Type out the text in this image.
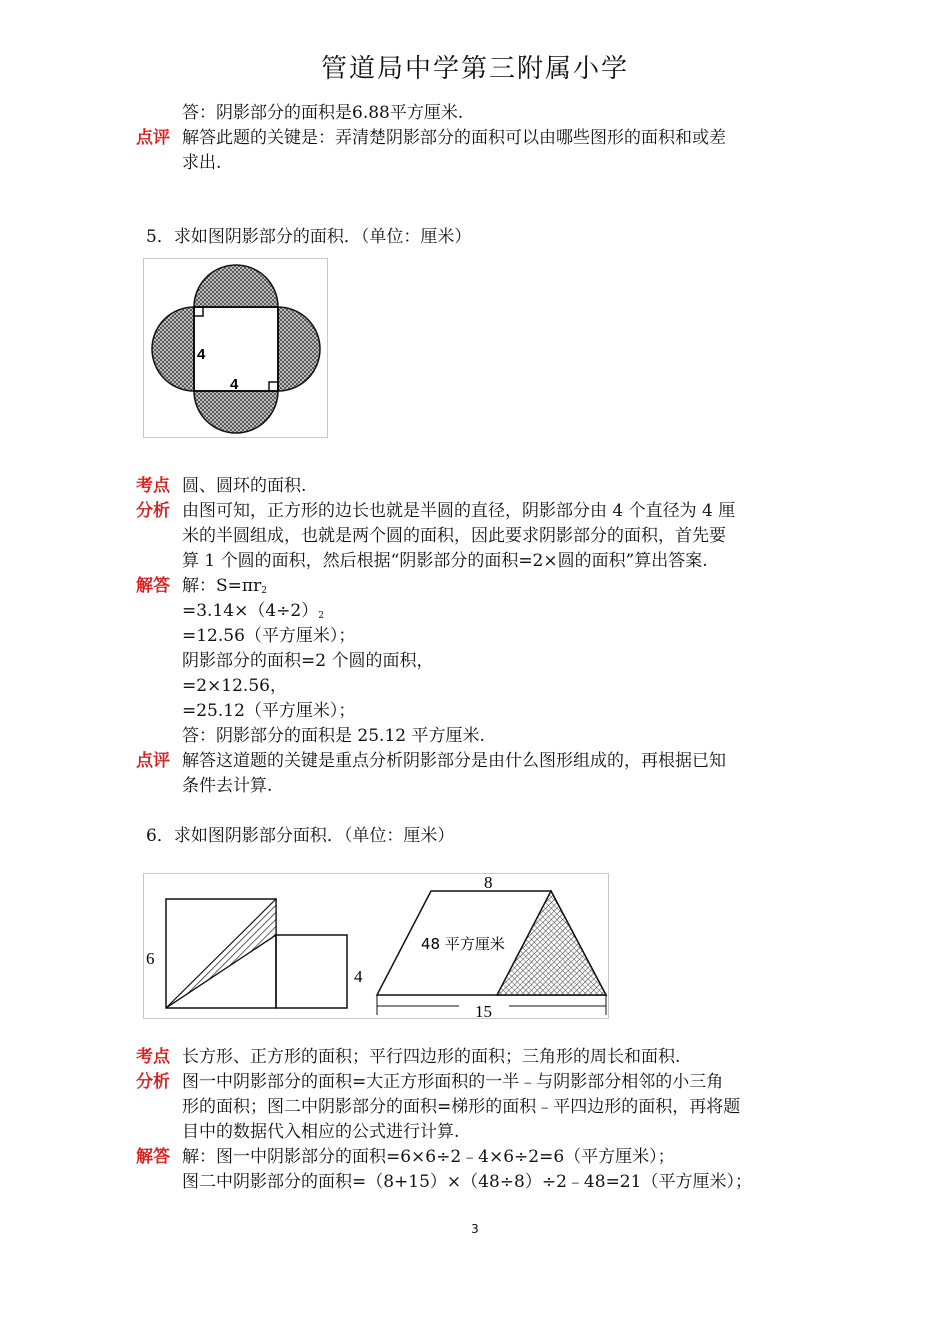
管道局中学第三附属小学
答：阴影部分的面积是6.88平方厘米.
点评 解答此题的关键是：弄清楚阴影部分的面积可以由哪些图形的面积和或差
求出.
5．求如图阴影部分的面积．（单位：厘米）
4
4
考点 圆、圆环的面积.
分析 由图可知，正方形的边长也就是半圆的直径，阴影部分由 4 个直径为 4 厘
米的半圆组成，也就是两个圆的面积，因此要求阴影部分的面积，首先要
算 1 个圆的面积，然后根据“阴影部分的面积=2×圆的面积”算出答案.
解答 解：$S=\pi r_2$
$=3.14\times(4\div 2)_2$
=12.56（平方厘米）；
阴影部分的面积=2 个圆的面积，
=2×12.56，
=25.12（平方厘米）；
答：阴影部分的面积是 25.12 平方厘米.
点评 解答这道题的关键是重点分析阴影部分是由什么图形组成的，再根据已知
条件去计算.
6．求如图阴影部分面积．（单位：厘米）
6
4
8
48 平方厘米
15
考点 长方形、正方形的面积；平行四边形的面积；三角形的周长和面积.
分析 图一中阴影部分的面积=大正方形面积的一半﹣与阴影部分相邻的小三角
形的面积；图二中阴影部分的面积=梯形的面积﹣平四边形的面积，再将题
目中的数据代入相应的公式进行计算.
解答 解：图一中阴影部分的面积=6×6÷2﹣4×6÷2=6（平方厘米）；
图二中阴影部分的面积=（8+15）×（48÷8）÷2﹣48=21（平方厘米）；
3
